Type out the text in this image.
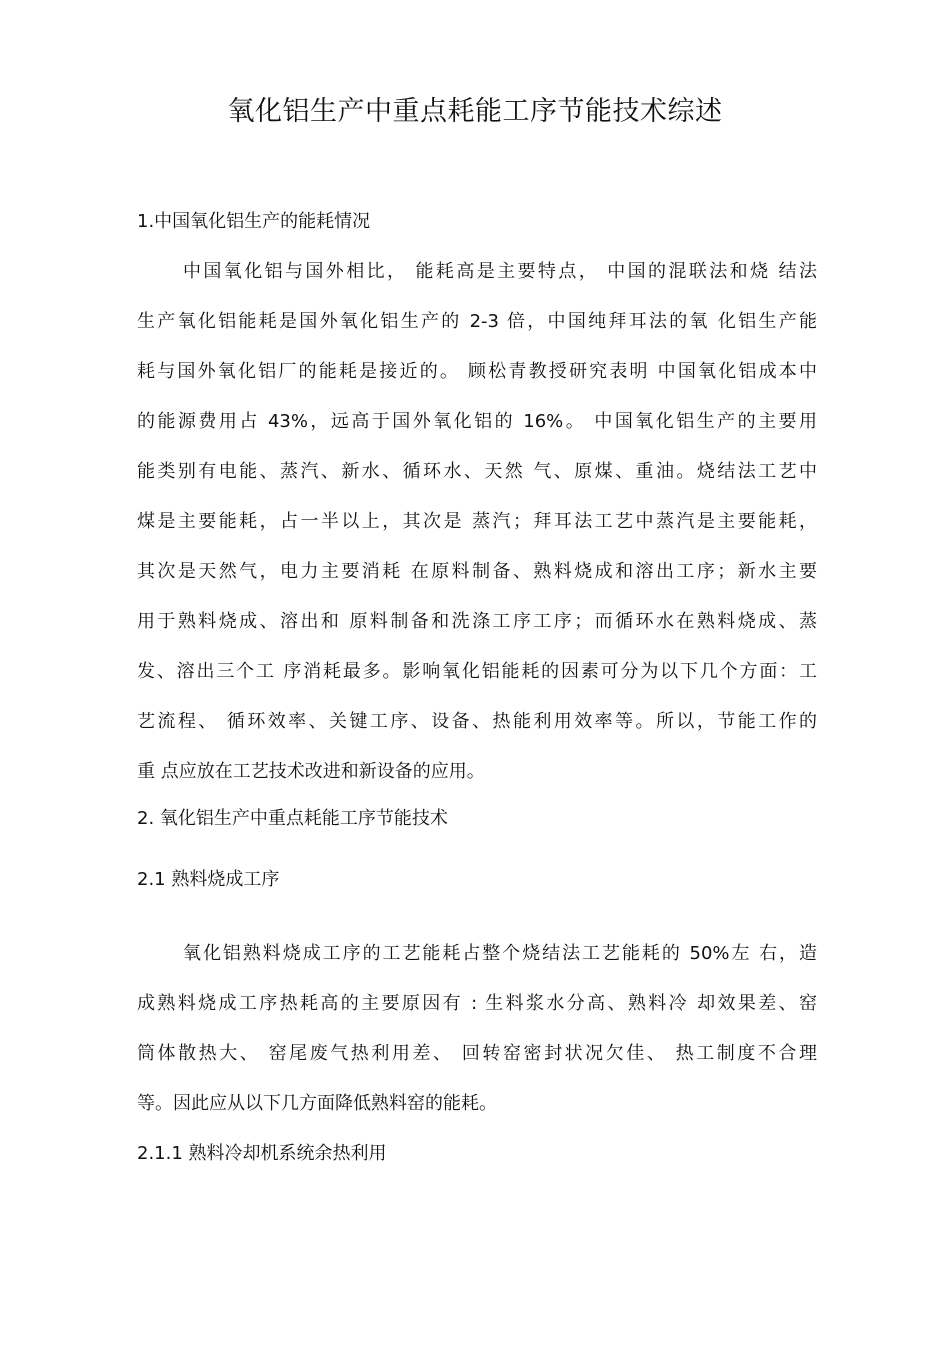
氧化铝生产中重点耗能工序节能技术综述
1.中国氧化铝生产的能耗情况
中国氧化铝与国外相比， 能耗高是主要特点， 中国的混联法和烧 结法
生产氧化铝能耗是国外氧化铝生产的 2-3 倍，中国纯拜耳法的氧 化铝生产能
耗与国外氧化铝厂的能耗是接近的。 顾松青教授研究表明 中国氧化铝成本中
的能源费用占 43%，远高于国外氧化铝的 16%。 中国氧化铝生产的主要用
能类别有电能、蒸汽、新水、循环水、天然 气、原煤、重油。烧结法工艺中
煤是主要能耗，占一半以上，其次是 蒸汽；拜耳法工艺中蒸汽是主要能耗，
其次是天然气，电力主要消耗 在原料制备、熟料烧成和溶出工序；新水主要
用于熟料烧成、溶出和 原料制备和洗涤工序工序；而循环水在熟料烧成、蒸
发、溶出三个工 序消耗最多。影响氧化铝能耗的因素可分为以下几个方面：工
艺流程、 循环效率、关键工序、设备、热能利用效率等。所以，节能工作的
重 点应放在工艺技术改进和新设备的应用。
2. 氧化铝生产中重点耗能工序节能技术
2.1 熟料烧成工序
氧化铝熟料烧成工序的工艺能耗占整个烧结法工艺能耗的 50%左 右，造
成熟料烧成工序热耗高的主要原因有 : 生料浆水分高、熟料冷 却效果差、窑
筒体散热大、 窑尾废气热利用差、 回转窑密封状况欠佳、 热工制度不合理
等。因此应从以下几方面降低熟料窑的能耗。
2.1.1 熟料冷却机系统余热利用
